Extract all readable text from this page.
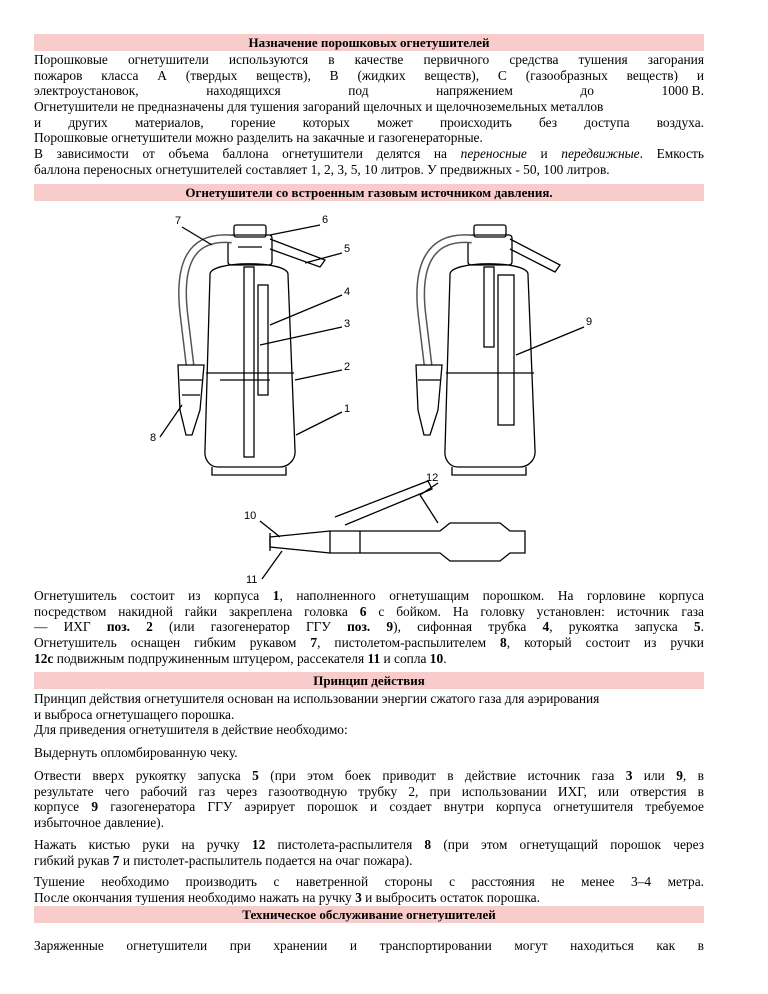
Назначение порошковых огнетушителей
Порошковые огнетушители используются в качестве первичного средства тушения загорания
пожаров класса А (твердых веществ), В (жидких веществ), С (газообразных веществ) и
электроустановок,	находящихся	под	напряжением	до	1000 В.
Огнетушители не предназначены для тушения загораний щелочных и щелочноземельных металлов
и других материалов, горение которых может происходить без доступа воздуха.
Порошковые огнетушители можно разделить на закачные и газогенераторные.
В зависимости от объема баллона огнетушители делятся на переносные и передвижные. Емкость
баллона переносных огнетушителей составляет 1, 2, 3, 5, 10 литров. У предвижных - 50, 100 литров.
Огнетушители со встроенным газовым источником давления.
7	6
5
4
3
2
1
8
9
10
11
12
Огнетушитель состоит из корпуса 1, наполненного огнетушащим порошком. На горловине корпуса
посредством накидной гайки закреплена головка 6 с бойком. На головку установлен: источник газа
— ИХГ поз. 2 (или газогенератор ГГУ поз. 9), сифонная трубка 4, рукоятка запуска 5.
Огнетушитель оснащен гибким рукавом 7, пистолетом-распылителем 8, который состоит из ручки
12с подвижным подпружиненным штуцером, рассекателя 11 и сопла 10.
Принцип действия
Принцип действия огнетушителя основан на использовании энергии сжатого газа для аэрирования
и выброса огнетушащего порошка.
Для приведения огнетушителя в действие необходимо:
Выдернуть опломбированную чеку.
Отвести вверх рукоятку запуска 5 (при этом боек приводит в действие источник газа 3 или 9, в
результате чего рабочий газ через газоотводную трубку 2, при использовании ИХГ, или отверстия в
корпусе 9 газогенератора ГГУ аэрирует порошок и создает внутри корпуса огнетушителя требуемое
избыточное давление).
Нажать кистью руки на ручку 12 пистолета-распылителя 8 (при этом огнетущащий порошок через
гибкий рукав 7 и пистолет-распылитель подается на очаг пожара).
Тушение необходимо производить с наветренной стороны с расстояния не менее 3–4 метра.
После окончания тушения необходимо нажать на ручку 3 и выбросить остаток порошка.
Техническое обслуживание огнетушителей
Заряженные огнетушители при хранении и транспортировании могут находиться как в
